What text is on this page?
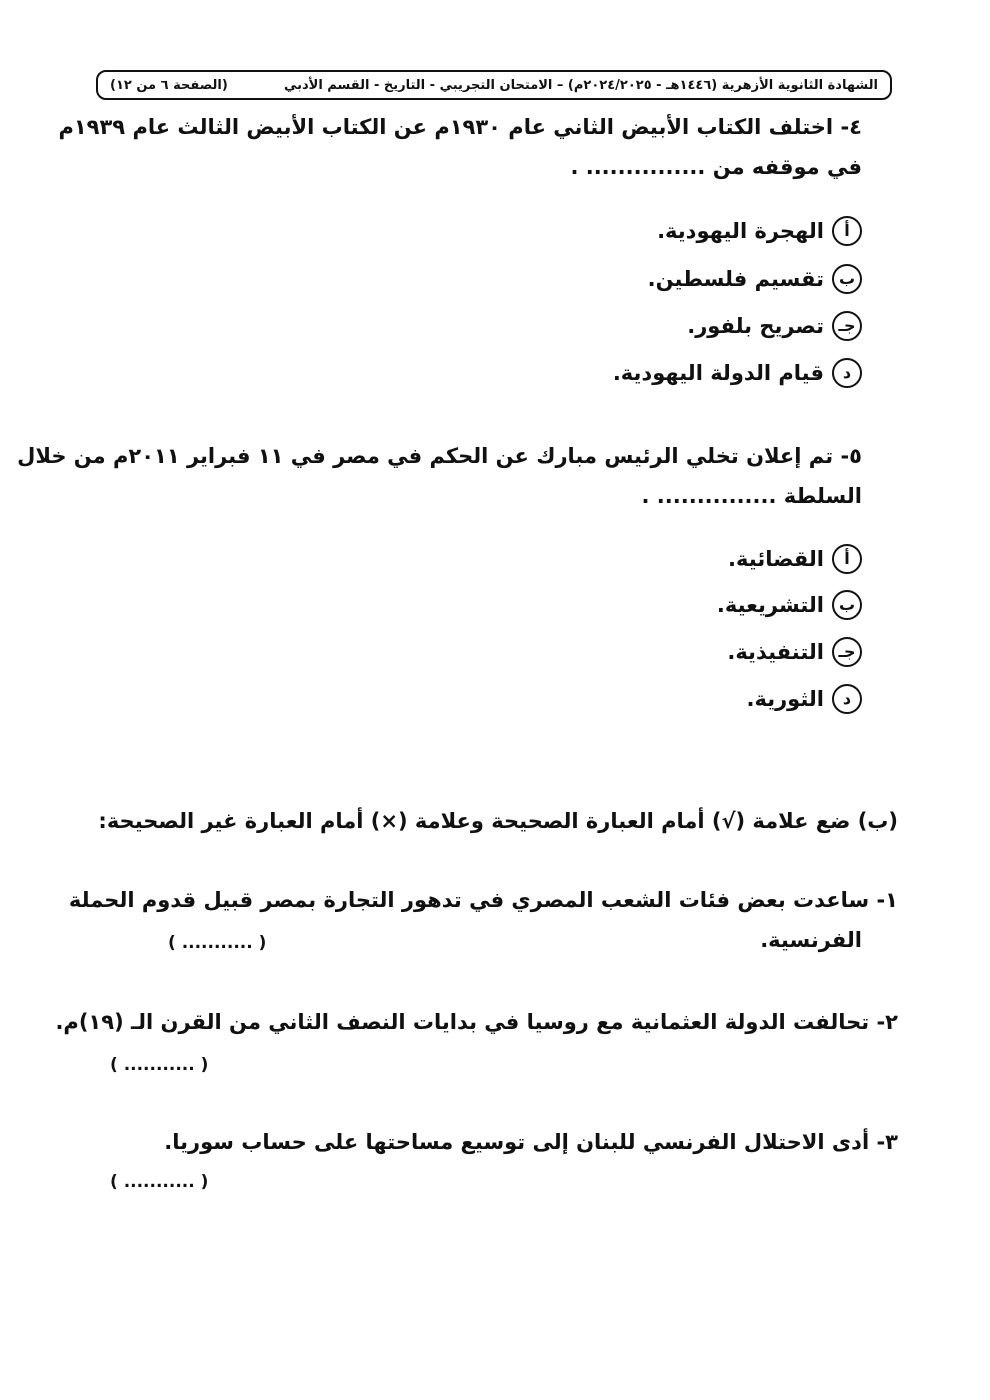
الشهادة الثانوية الأزهرية (١٤٤٦هـ - ٢٠٢٤/٢٠٢٥م) – الامتحان التجريبي - التاريخ - القسم الأدبي
(الصفحة ٦ من ١٢)
٤- اختلف الكتاب الأبيض الثاني عام ١٩٣٠م عن الكتاب الأبيض الثالث عام ١٩٣٩م
في موقفه من ............... .
أ
الهجرة اليهودية.
ب
تقسيم فلسطين.
جـ
تصريح بلفور.
د
قيام الدولة اليهودية.
٥- تم إعلان تخلي الرئيس مبارك عن الحكم في مصر في ١١ فبراير ٢٠١١م من خلال
السلطة ............... .
أ
القضائية.
ب
التشريعية.
جـ
التنفيذية.
د
الثورية.
(ب) ضع علامة (√) أمام العبارة الصحيحة وعلامة (×) أمام العبارة غير الصحيحة:
١- ساعدت بعض فئات الشعب المصري في تدهور التجارة بمصر قبيل قدوم الحملة
الفرنسية.
( ........... )
٢- تحالفت الدولة العثمانية مع روسيا في بدايات النصف الثاني من القرن الـ (١٩)م.
( ........... )
٣- أدى الاحتلال الفرنسي للبنان إلى توسيع مساحتها على حساب سوريا.
( ........... )
